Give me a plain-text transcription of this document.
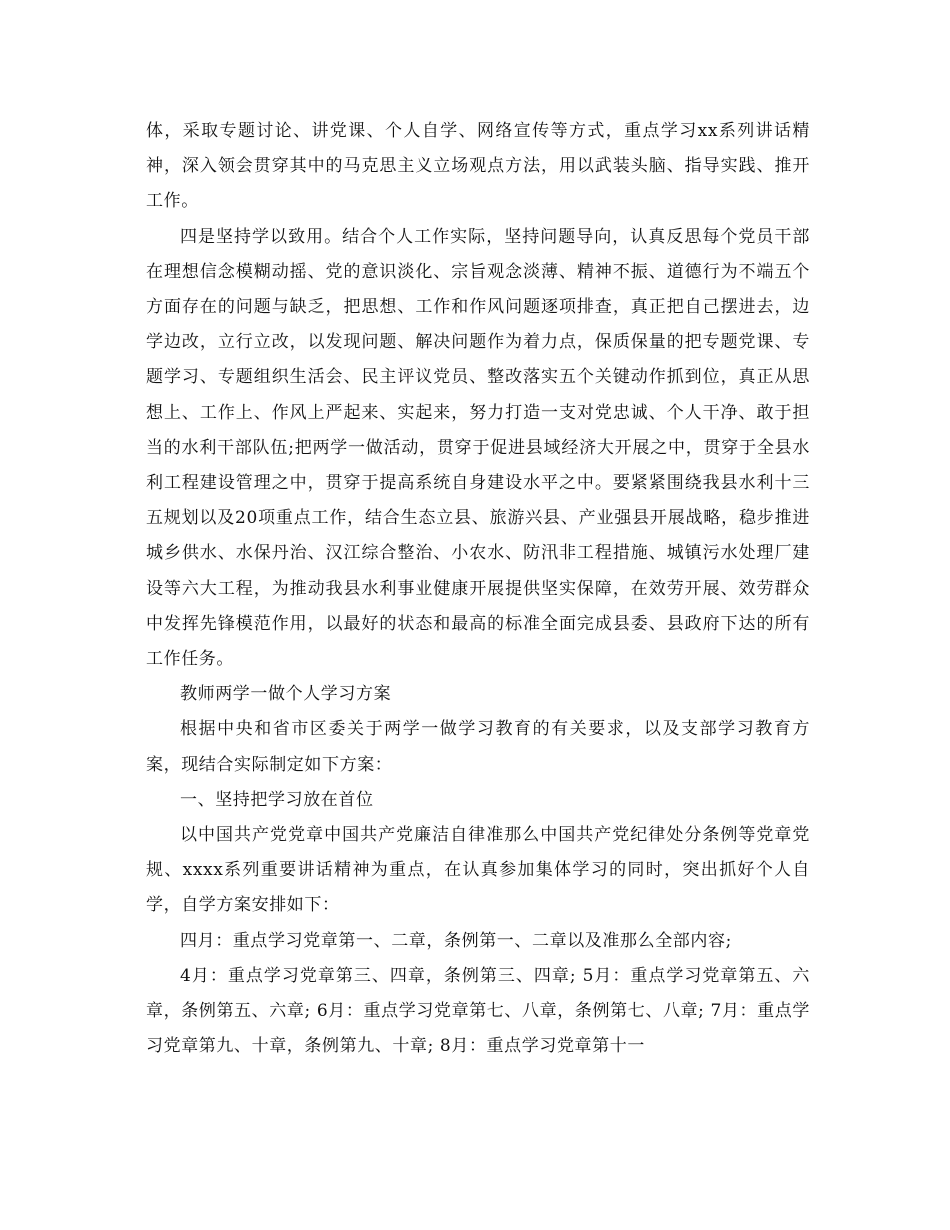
体，采取专题讨论、讲党课、个人自学、网络宣传等方式，重点学习xx系列讲话精神，深入领会贯穿其中的马克思主义立场观点方法，用以武装头脑、指导实践、推开工作。

四是坚持学以致用。结合个人工作实际，坚持问题导向，认真反思每个党员干部在理想信念模糊动摇、党的意识淡化、宗旨观念淡薄、精神不振、道德行为不端五个方面存在的问题与缺乏，把思想、工作和作风问题逐项排查，真正把自己摆进去，边学边改，立行立改，以发现问题、解决问题作为着力点，保质保量的把专题党课、专题学习、专题组织生活会、民主评议党员、整改落实五个关键动作抓到位，真正从思想上、工作上、作风上严起来、实起来，努力打造一支对党忠诚、个人干净、敢于担当的水利干部队伍;把两学一做活动，贯穿于促进县域经济大开展之中，贯穿于全县水利工程建设管理之中，贯穿于提高系统自身建设水平之中。要紧紧围绕我县水利十三五规划以及20项重点工作，结合生态立县、旅游兴县、产业强县开展战略，稳步推进城乡供水、水保丹治、汉江综合整治、小农水、防汛非工程措施、城镇污水处理厂建设等六大工程，为推动我县水利事业健康开展提供坚实保障，在效劳开展、效劳群众中发挥先锋模范作用，以最好的状态和最高的标准全面完成县委、县政府下达的所有工作任务。

教师两学一做个人学习方案

根据中央和省市区委关于两学一做学习教育的有关要求，以及支部学习教育方案，现结合实际制定如下方案：

一、坚持把学习放在首位

以中国共产党党章中国共产党廉洁自律准那么中国共产党纪律处分条例等党章党规、xxxx系列重要讲话精神为重点，在认真参加集体学习的同时，突出抓好个人自学，自学方案安排如下：

四月：重点学习党章第一、二章，条例第一、二章以及准那么全部内容;

4月：重点学习党章第三、四章，条例第三、四章; 5月：重点学习党章第五、六章，条例第五、六章; 6月：重点学习党章第七、八章，条例第七、八章; 7月：重点学习党章第九、十章，条例第九、十章; 8月：重点学习党章第十一
